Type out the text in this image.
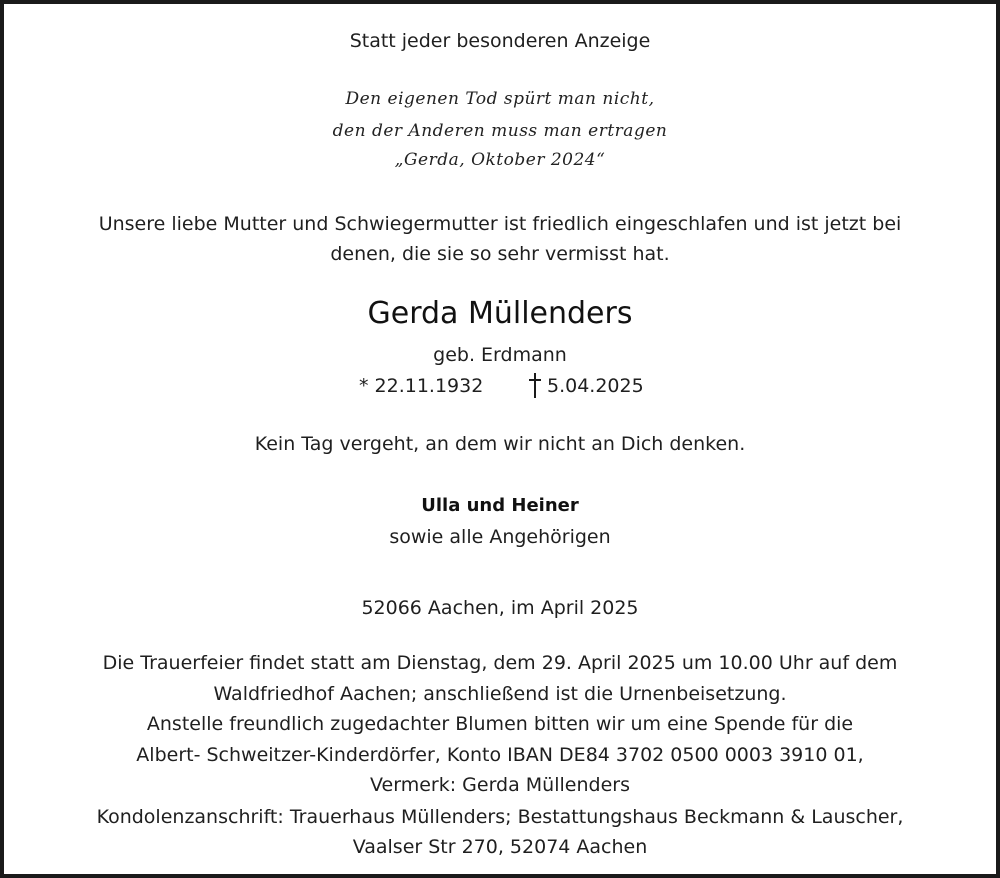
Statt jeder besonderen Anzeige
Den eigenen Tod spürt man nicht,
den der Anderen muss man ertragen
„Gerda, Oktober 2024“
Unsere liebe Mutter und Schwiegermutter ist friedlich eingeschlafen und ist jetzt bei
denen, die sie so sehr vermisst hat.
Gerda Müllenders
geb. Erdmann
* 22.11.1932	5.04.2025
Kein Tag vergeht, an dem wir nicht an Dich denken.
Ulla und Heiner
sowie alle Angehörigen
52066 Aachen, im April 2025
Die Trauerfeier findet statt am Dienstag, dem 29. April 2025 um 10.00 Uhr auf dem
Waldfriedhof Aachen; anschließend ist die Urnenbeisetzung.
Anstelle freundlich zugedachter Blumen bitten wir um eine Spende für die
Albert- Schweitzer-Kinderdörfer, Konto IBAN DE84 3702 0500 0003 3910 01,
Vermerk: Gerda Müllenders
Kondolenzanschrift: Trauerhaus Müllenders; Bestattungshaus Beckmann & Lauscher,
Vaalser Str 270, 52074 Aachen
